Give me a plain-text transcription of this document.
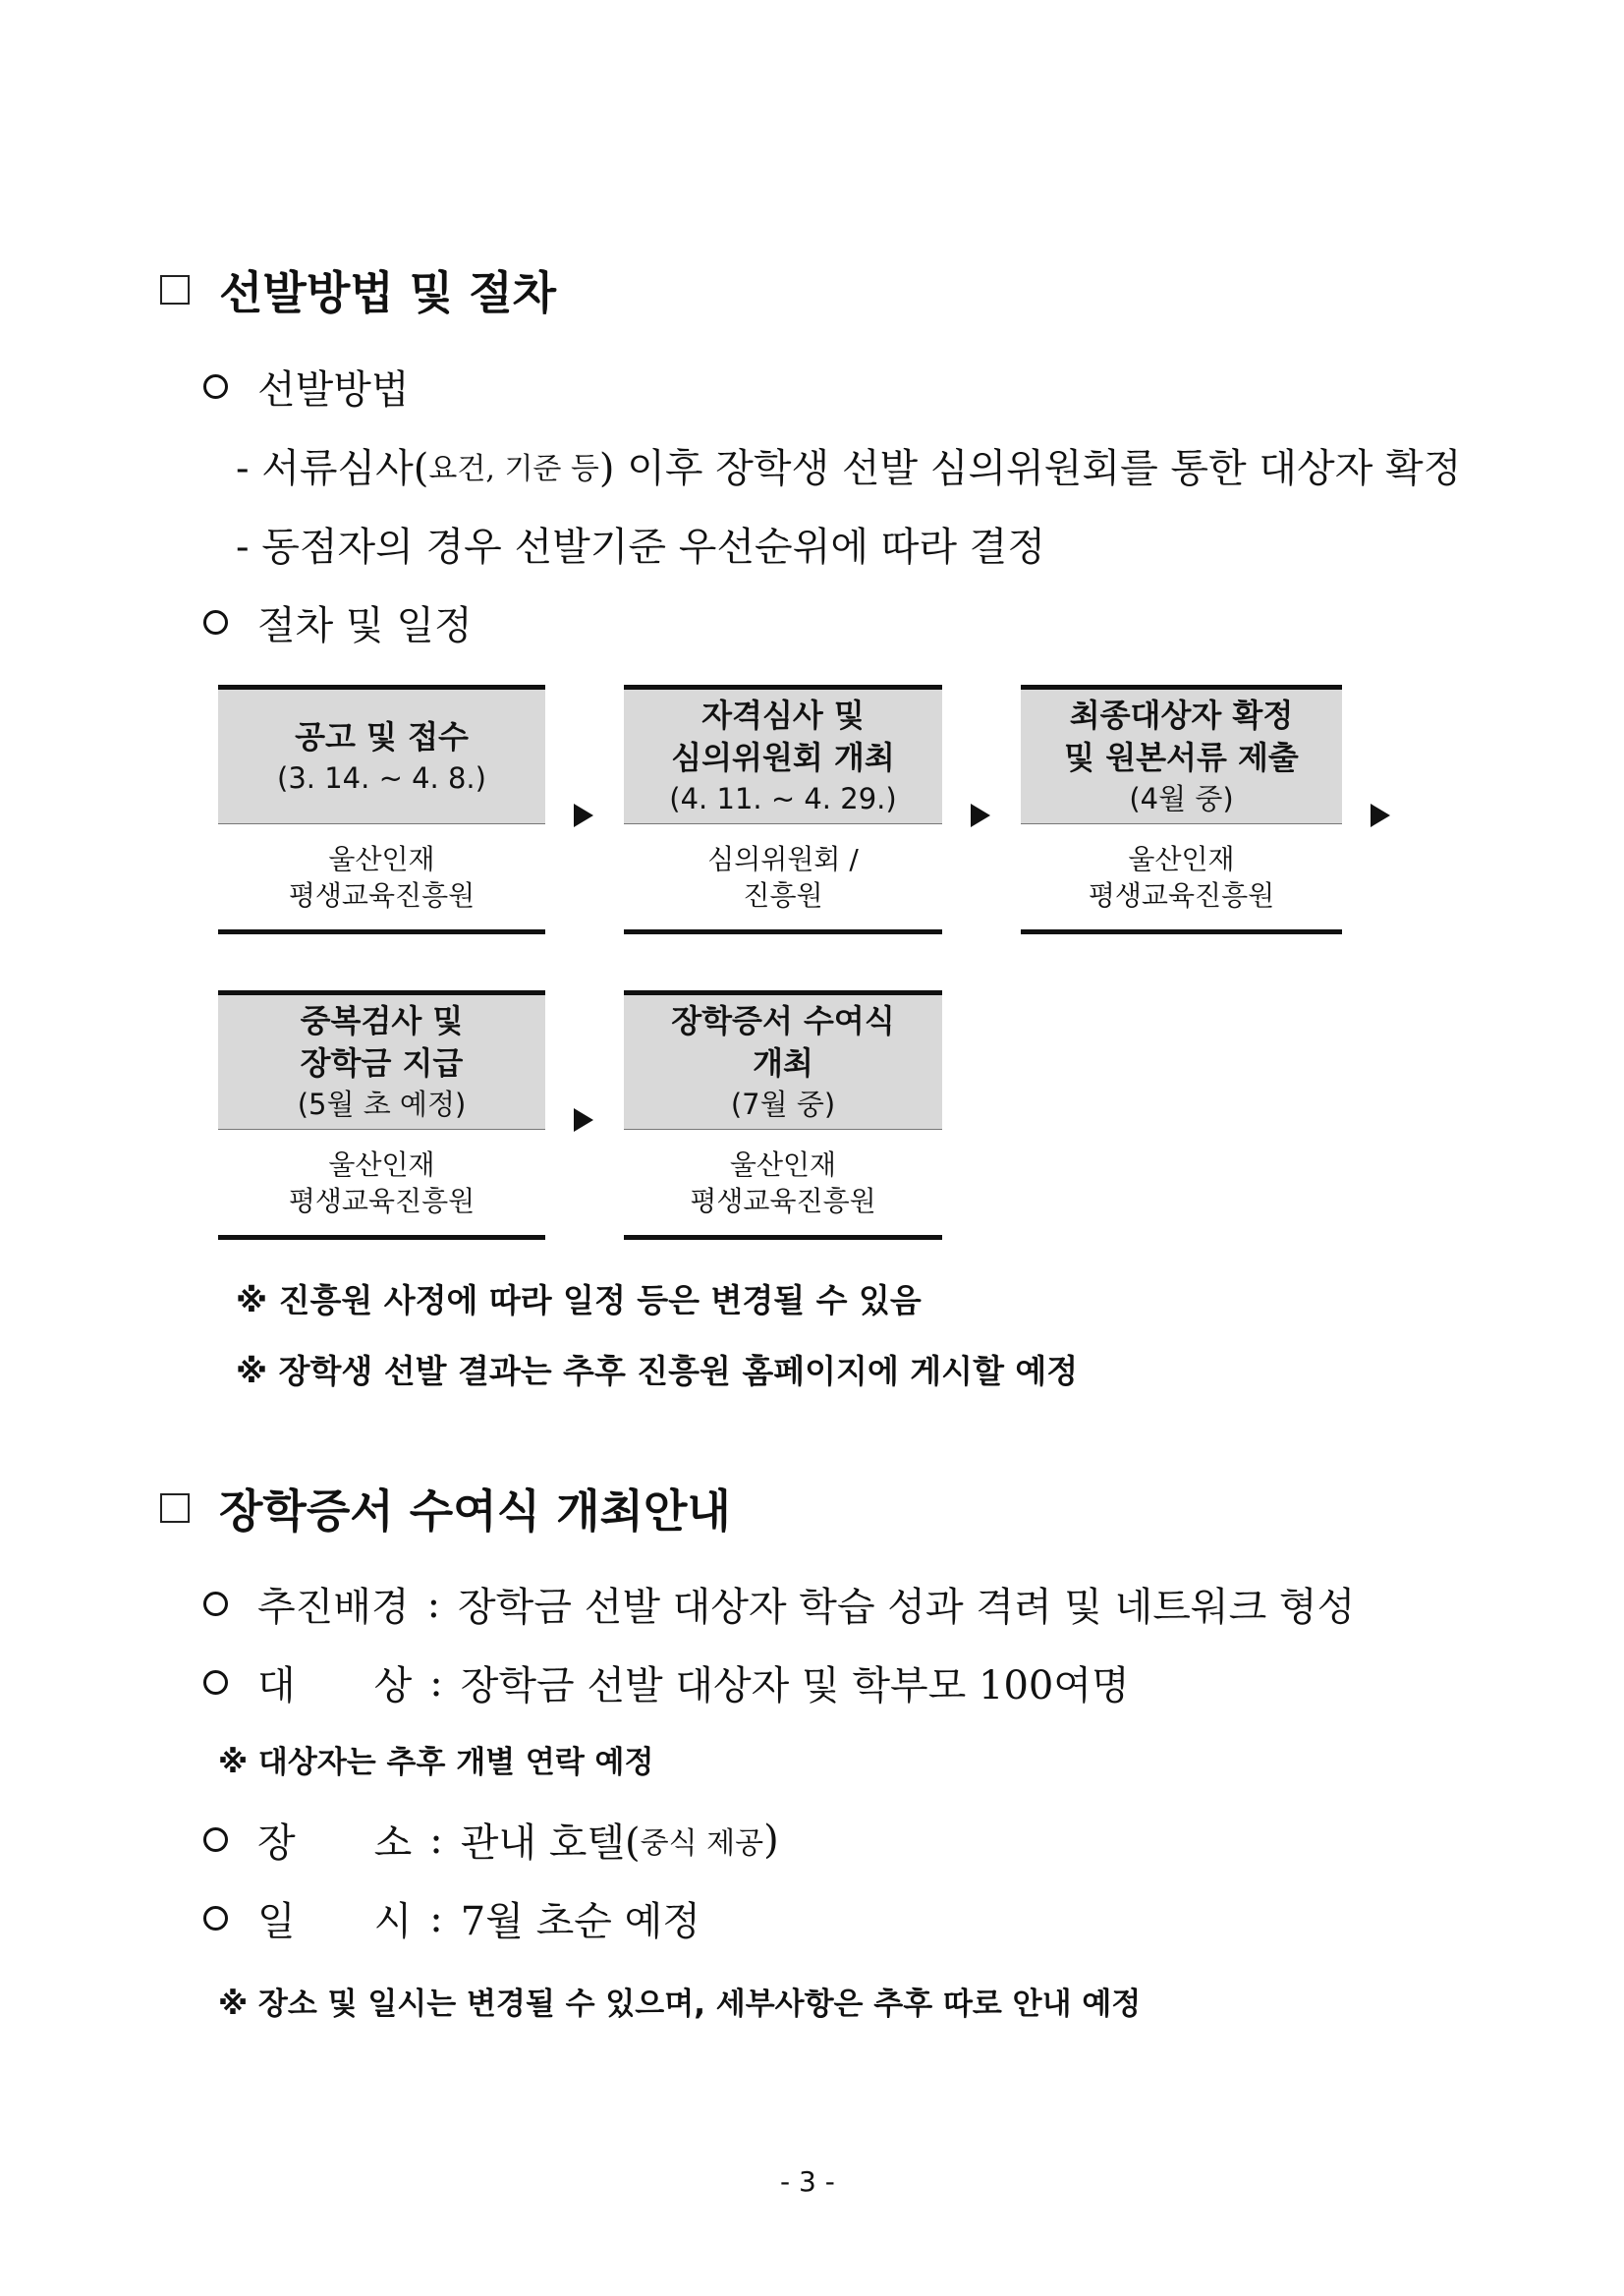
선발방법 및 절차
선발방법
- 서류심사( 요건, 기준 등 ) 이후 장학생 선발 심의위원회를 통한 대상자 확정
- 동점자의 경우 선발기준 우선순위에 따라 결정
절차 및 일정
공고 및 접수
(3. 14. ~ 4. 8.)
울산인재
평생교육진흥원
자격심사 및
심의위원회 개최
(4. 11. ~ 4. 29.)
심의위원회 /
진흥원
최종대상자 확정
및 원본서류 제출
(4월 중)
울산인재
평생교육진흥원
중복검사 및
장학금 지급
(5월 초 예정)
울산인재
평생교육진흥원
장학증서 수여식
개최
(7월 중)
울산인재
평생교육진흥원
※ 진흥원 사정에 따라 일정 등은 변경될 수 있음
※ 장학생 선발 결과는 추후 진흥원 홈페이지에 게시할 예정
장학증서 수여식 개최안내
추진배경 : 장학금 선발 대상자 학습 성과 격려 및 네트워크 형성
대　　상 : 장학금 선발 대상자 및 학부모 100여명
※ 대상자는 추후 개별 연락 예정
장　　소 : 관내 호텔( 중식 제공 )
일　　시 : 7월 초순 예정
※ 장소 및 일시는 변경될 수 있으며, 세부사항은 추후 따로 안내 예정
- 3 -
